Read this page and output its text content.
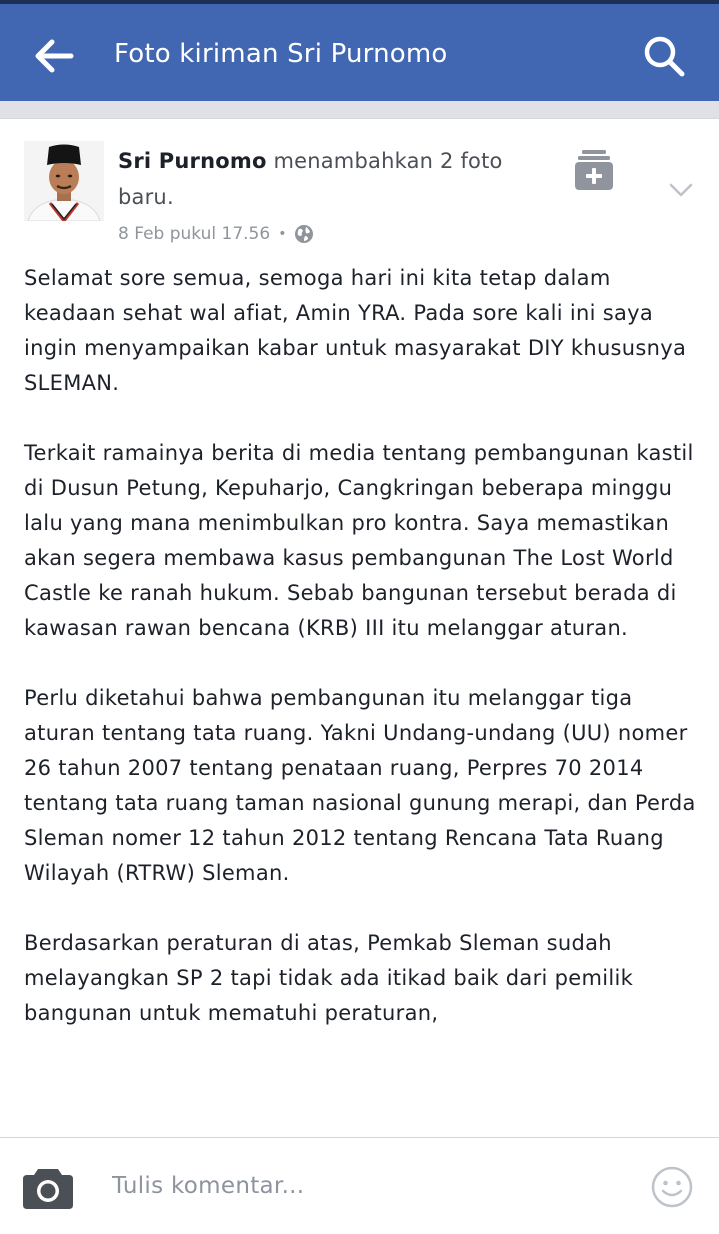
Foto kiriman Sri Purnomo
Sri Purnomo menambahkan 2 foto baru.
8 Feb pukul 17.56 •

Selamat sore semua, semoga hari ini kita tetap dalam keadaan sehat wal afiat, Amin YRA. Pada sore kali ini saya ingin menyampaikan kabar untuk masyarakat DIY khususnya SLEMAN.

Terkait ramainya berita di media tentang pembangunan kastil di Dusun Petung, Kepuharjo, Cangkringan beberapa minggu lalu yang mana menimbulkan pro kontra. Saya memastikan akan segera membawa kasus pembangunan The Lost World Castle ke ranah hukum. Sebab bangunan tersebut berada di kawasan rawan bencana (KRB) III itu melanggar aturan.

Perlu diketahui bahwa pembangunan itu melanggar tiga aturan tentang tata ruang. Yakni Undang-undang (UU) nomer 26 tahun 2007 tentang penataan ruang, Perpres 70 2014 tentang tata ruang taman nasional gunung merapi, dan Perda Sleman nomer 12 tahun 2012 tentang Rencana Tata Ruang Wilayah (RTRW) Sleman.

Berdasarkan peraturan di atas, Pemkab Sleman sudah melayangkan SP 2 tapi tidak ada itikad baik dari pemilik bangunan untuk mematuhi peraturan,

Tulis komentar...
